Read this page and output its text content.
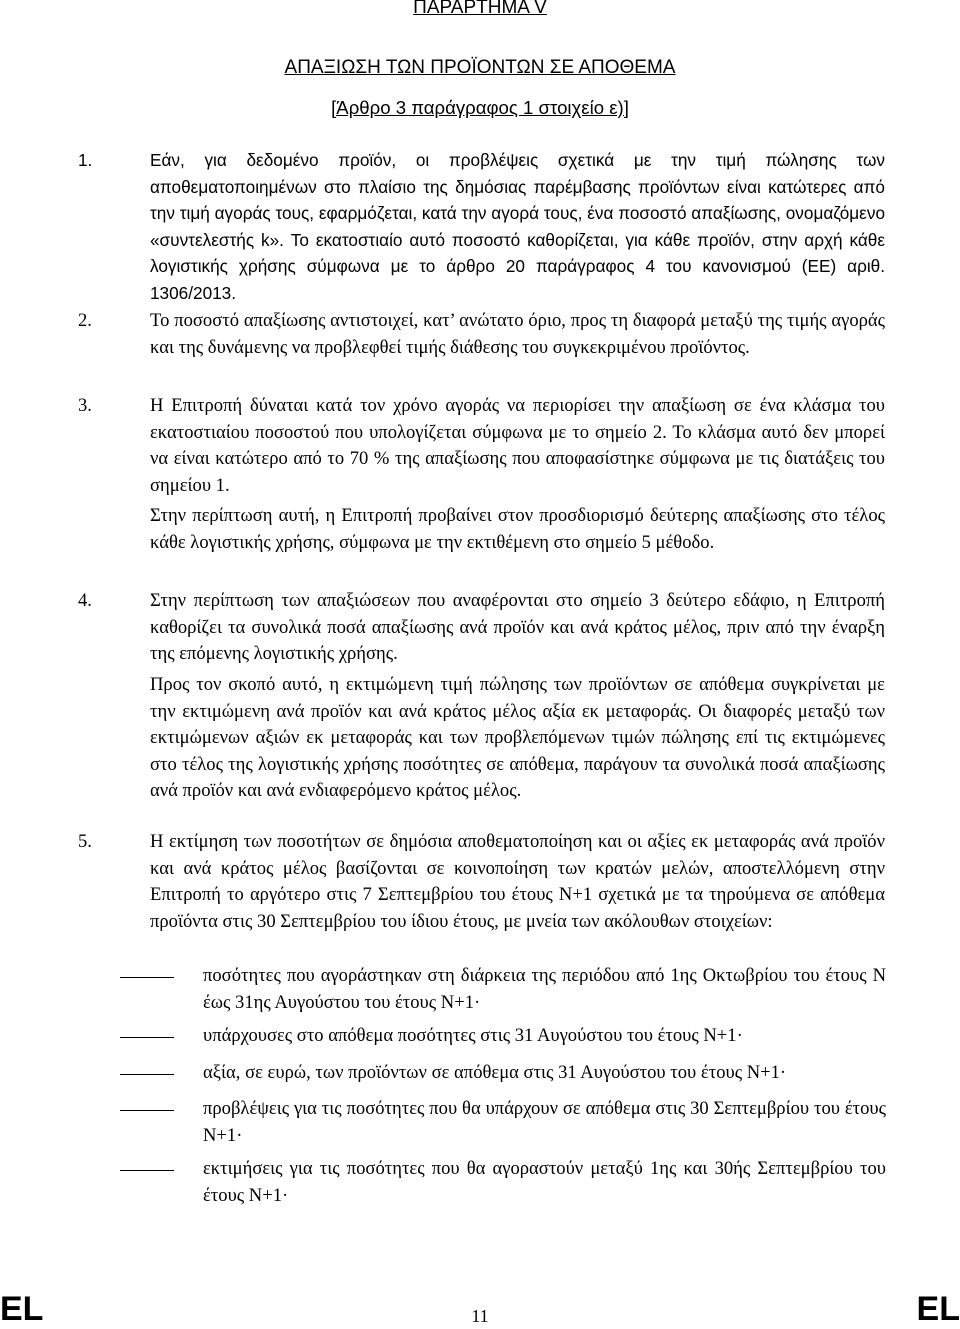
ΠΑΡΑΡΤΗΜΑ V
ΑΠΑΞΙΩΣΗ ΤΩΝ ΠΡΟΪΟΝΤΩΝ ΣΕ ΑΠΟΘΕΜΑ
[Άρθρο 3 παράγραφος 1 στοιχείο ε)]
1.	Εάν, για δεδομένο προϊόν, οι προβλέψεις σχετικά με την τιμή πώλησης των αποθεματοποιημένων στο πλαίσιο της δημόσιας παρέμβασης προϊόντων είναι κατώτερες από την τιμή αγοράς τους, εφαρμόζεται, κατά την αγορά τους, ένα ποσοστό απαξίωσης, ονομαζόμενο «συντελεστής k». Το εκατοστιαίο αυτό ποσοστό καθορίζεται, για κάθε προϊόν, στην αρχή κάθε λογιστικής χρήσης σύμφωνα με το άρθρο 20 παράγραφος 4 του κανονισμού (ΕΕ) αριθ. 1306/2013.

2.	Το ποσοστό απαξίωσης αντιστοιχεί, κατ’ ανώτατο όριο, προς τη διαφορά μεταξύ της τιμής αγοράς και της δυνάμενης να προβλεφθεί τιμής διάθεσης του συγκεκριμένου προϊόντος.

3.	Η Επιτροπή δύναται κατά τον χρόνο αγοράς να περιορίσει την απαξίωση σε ένα κλάσμα του εκατοστιαίου ποσοστού που υπολογίζεται σύμφωνα με το σημείο 2. Το κλάσμα αυτό δεν μπορεί να είναι κατώτερο από το 70 % της απαξίωσης που αποφασίστηκε σύμφωνα με τις διατάξεις του σημείου 1.

Στην περίπτωση αυτή, η Επιτροπή προβαίνει στον προσδιορισμό δεύτερης απαξίωσης στο τέλος κάθε λογιστικής χρήσης, σύμφωνα με την εκτιθέμενη στο σημείο 5 μέθοδο.

4.	Στην περίπτωση των απαξιώσεων που αναφέρονται στο σημείο 3 δεύτερο εδάφιο, η Επιτροπή καθορίζει τα συνολικά ποσά απαξίωσης ανά προϊόν και ανά κράτος μέλος, πριν από την έναρξη της επόμενης λογιστικής χρήσης.

Προς τον σκοπό αυτό, η εκτιμώμενη τιμή πώλησης των προϊόντων σε απόθεμα συγκρίνεται με την εκτιμώμενη ανά προϊόν και ανά κράτος μέλος αξία εκ μεταφοράς. Οι διαφορές μεταξύ των εκτιμώμενων αξιών εκ μεταφοράς και των προβλεπόμενων τιμών πώλησης επί τις εκτιμώμενες στο τέλος της λογιστικής χρήσης ποσότητες σε απόθεμα, παράγουν τα συνολικά ποσά απαξίωσης ανά προϊόν και ανά ενδιαφερόμενο κράτος μέλος.

5.	Η εκτίμηση των ποσοτήτων σε δημόσια αποθεματοποίηση και οι αξίες εκ μεταφοράς ανά προϊόν και ανά κράτος μέλος βασίζονται σε κοινοποίηση των κρατών μελών, αποστελλόμενη στην Επιτροπή το αργότερο στις 7 Σεπτεμβρίου του έτους Ν+1 σχετικά με τα τηρούμενα σε απόθεμα προϊόντα στις 30 Σεπτεμβρίου του ίδιου έτους, με μνεία των ακόλουθων στοιχείων:

ποσότητες που αγοράστηκαν στη διάρκεια της περιόδου από 1ης Οκτωβρίου του έτους Ν έως 31ης Αυγούστου του έτους Ν+1·

υπάρχουσες στο απόθεμα ποσότητες στις 31 Αυγούστου του έτους Ν+1·

αξία, σε ευρώ, των προϊόντων σε απόθεμα στις 31 Αυγούστου του έτους Ν+1·

προβλέψεις για τις ποσότητες που θα υπάρχουν σε απόθεμα στις 30 Σεπτεμβρίου του έτους Ν+1·

εκτιμήσεις για τις ποσότητες που θα αγοραστούν μεταξύ 1ης και 30ής Σεπτεμβρίου του έτους Ν+1·

EL	11	EL
